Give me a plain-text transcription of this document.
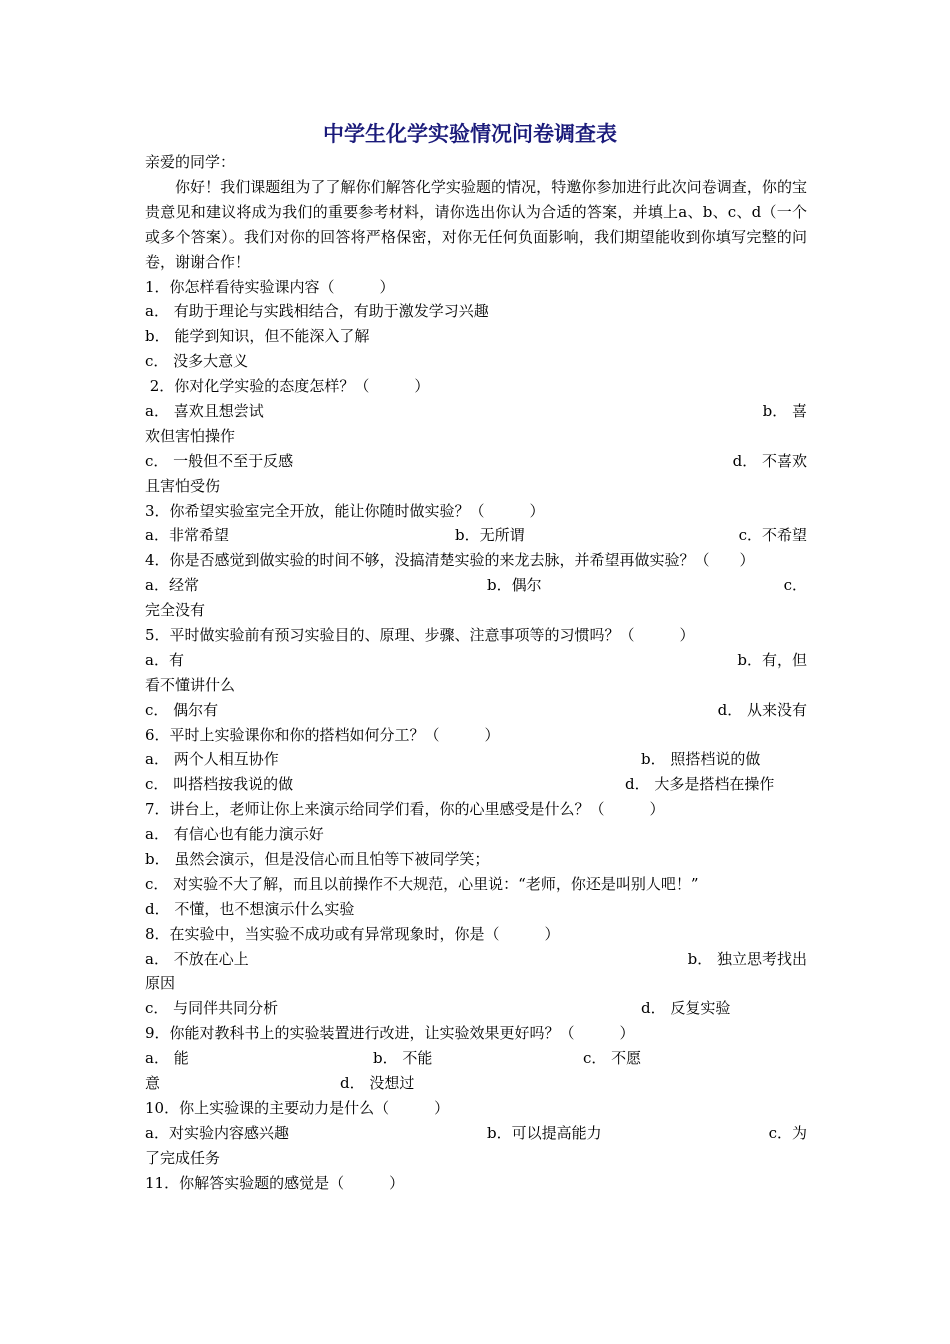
中学生化学实验情况问卷调查表
亲爱的同学：
你好！我们课题组为了了解你们解答化学实验题的情况，特邀你参加进行此次问卷调查，你的宝贵意见和建议将成为我们的重要参考材料，请你选出你认为合适的答案，并填上a、b、c、d（一个或多个答案）。我们对你的回答将严格保密，对你无任何负面影响，我们期望能收到你填写完整的问卷，谢谢合作！
1．你怎样看待实验课内容（　　　）
a． 有助于理论与实践相结合，有助于激发学习兴趣
b． 能学到知识，但不能深入了解
c． 没多大意义
2．你对化学实验的态度怎样？（　　　）

a． 喜欢且想尝试

	b． 喜

欢但害怕操作

c． 一般但不至于反感

	d． 不喜欢

且害怕受伤
3．你希望实验室完全开放，能让你随时做实验？（　　　）

a．非常希望

	b．无所谓

	c．不希望

4．你是否感觉到做实验的时间不够，没搞清楚实验的来龙去脉，并希望再做实验？（　　）

a．经常

	b．偶尔

	c．

完全没有
5．平时做实验前有预习实验目的、原理、步骤、注意事项等的习惯吗？（　　　）

a．有

	b．有，但

看不懂讲什么

c． 偶尔有

	d． 从来没有

6．平时上实验课你和你的搭档如何分工？（　　　）

a． 两个人相互协作

	b． 照搭档说的做

c． 叫搭档按我说的做

	d． 大多是搭档在操作

7．讲台上，老师让你上来演示给同学们看，你的心里感受是什么？（　　　）
a． 有信心也有能力演示好
b． 虽然会演示，但是没信心而且怕等下被同学笑；
c． 对实验不大了解，而且以前操作不大规范，心里说：“老师，你还是叫别人吧！”
d． 不懂，也不想演示什么实验
8．在实验中，当实验不成功或有异常现象时，你是（　　　）

a． 不放在心上

	b． 独立思考找出

原因

c． 与同伴共同分析

	d． 反复实验

9．你能对教科书上的实验装置进行改进，让实验效果更好吗？（　　　）

a． 能

	b． 不能

	c． 不愿

意

	d． 没想过

10．你上实验课的主要动力是什么（　　　）

a．对实验内容感兴趣

	b．可以提高能力

	c．为

了完成任务
11．你解答实验题的感觉是（　　　）
